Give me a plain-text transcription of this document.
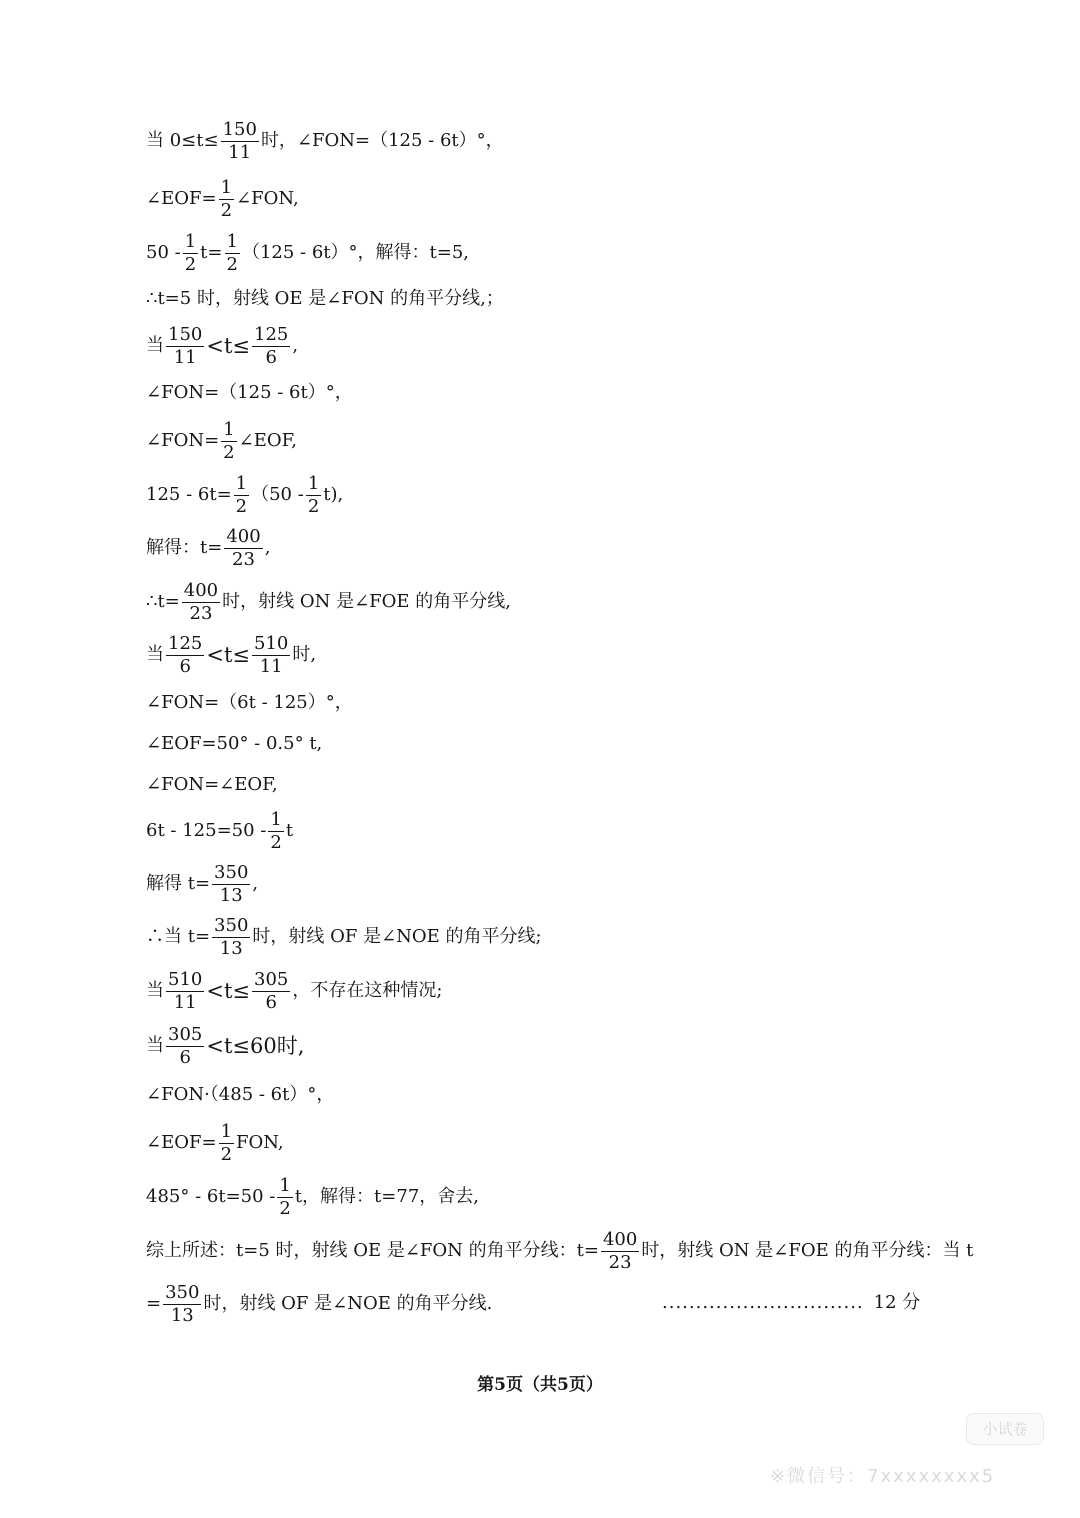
当 $0\le t\le \frac{150}{11}$ 时，∠FON=（125 - 6t）°，
∠EOF= $\frac{1}{2}$ ∠FON,
$50 - \frac{1}{2} t= \frac{1}{2} (125 - 6t)^\circ$，解得：t=5,
∴t=5 时，射线 OE 是∠FON 的角平分线,；
当 $\frac{150}{11} <t\le \frac{125}{6}$ ,
∠FON=（125 - 6t）°，
∠FON= $\frac{1}{2}$ ∠EOF,
$125 - 6t= \frac{1}{2} (50 - \frac{1}{2} t)$,
解得：$t= \frac{400}{23}$ ,
∴t= $\frac{400}{23}$ 时，射线 ON 是∠FOE 的角平分线,
当 $\frac{125}{6} <t\le \frac{510}{11}$ 时,
∠FON=（6t - 125）°，
∠EOF=50° - 0.5° t,
∠FON=∠EOF,
$6t - 125=50 - \frac{1}{2}$ t
解得 $t= \frac{350}{13}$ ,
∴当 $t= \frac{350}{13}$ 时，射线 OF 是∠NOE 的角平分线;
当 $\frac{510}{11} <t\le \frac{305}{6}$ ，不存在这种情况;
当 $\frac{305}{6} <t\le 60$时,
∠FON·（485 - 6t）°，
∠EOF= $\frac{1}{2}$ FON,
$485^\circ - 6t=50 - \frac{1}{2}$ t，解得：t=77，舍去,
综上所述：t=5 时，射线 OE 是∠FON 的角平分线：$t= \frac{400}{23}$ 时，射线 ON 是∠FOE 的角平分线：当 t
= $\frac{350}{13}$ 时，射线 OF 是∠NOE 的角平分线.	.............................. 12 分
第5页（共5页）
小试卷
※微信号：7xxxxxxxx5
